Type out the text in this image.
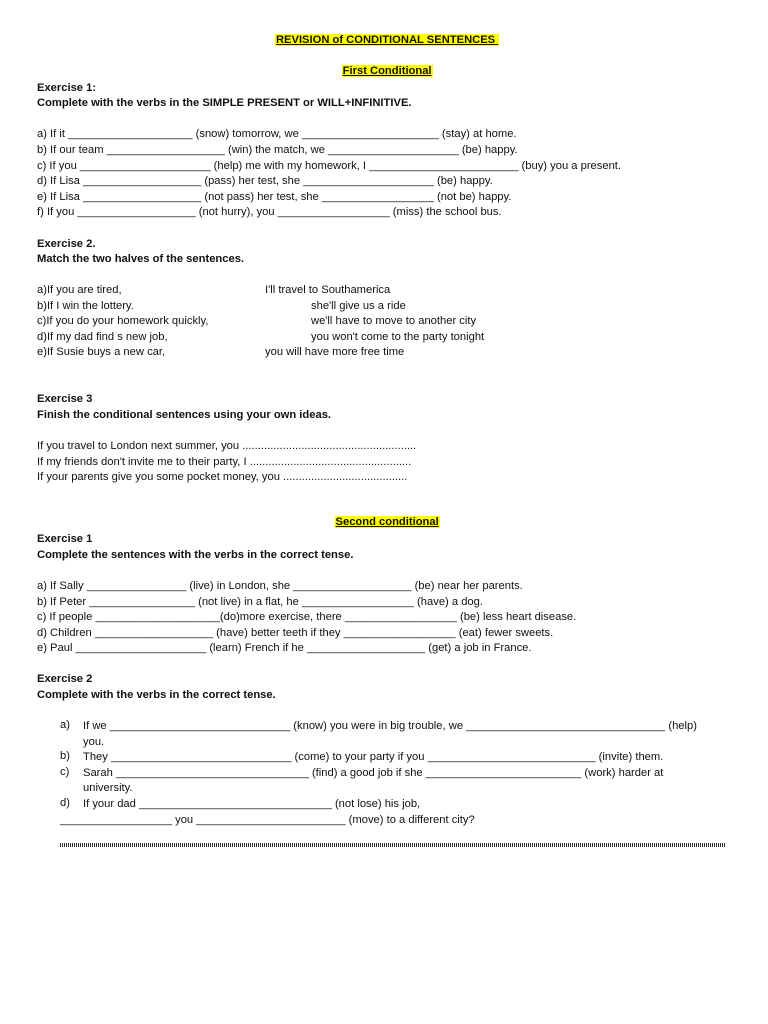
REVISION of CONDITIONAL SENTENCES

First Conditional

Exercise 1:
Complete with the verbs in the SIMPLE PRESENT or WILL+INFINITIVE.
a) If it ____________________ (snow) tomorrow, we ______________________ (stay) at home.
b) If our team ___________________ (win) the match, we _____________________ (be) happy.
c) If you _____________________ (help) me with my homework, I ________________________ (buy) you a present.
d) If Lisa ___________________ (pass) her test, she _____________________ (be) happy.
e) If Lisa ___________________ (not pass) her test, she __________________ (not be) happy.
f) If you ___________________ (not hurry), you __________________ (miss) the school bus.
Exercise 2.
Match the two halves of the sentences.
a)If you are tired,
b)If I win the lottery.
c)If you do your homework quickly,
d)If my dad find s new job,
e)If Susie buys a new car,
I'll travel to Southamerica
she'll give us a ride
we'll have to move to another city
you won't come to the party tonight
you will have more free time
Exercise 3
Finish the conditional sentences using your own ideas.
If you travel to London next summer, you ........................................................
If my friends don't invite me to their party, I ....................................................
If your parents give you some pocket money, you ........................................

Second conditional

Exercise 1
Complete the sentences with the verbs in the correct tense.
a) If Sally ________________ (live) in London, she ___________________ (be) near her parents.
b) If Peter _________________ (not live) in a flat, he __________________ (have) a dog.
c) If people ____________________(do)more exercise, there __________________ (be) less heart disease.
d) Children ___________________ (have) better teeth if they __________________ (eat) fewer sweets.
e) Paul _____________________ (learn) French if he ___________________ (get) a job in France.
Exercise 2
Complete with the verbs in the correct tense.
a) If we _____________________________ (know) you were in big trouble, we ________________________________ (help)
you.
b) They _____________________________ (come) to your party if you ___________________________ (invite) them.
c) Sarah _______________________________ (find) a good job if she _________________________ (work) harder at
university.
d) If your dad _______________________________ (not lose) his job,
__________________ you ________________________ (move) to a different city?
